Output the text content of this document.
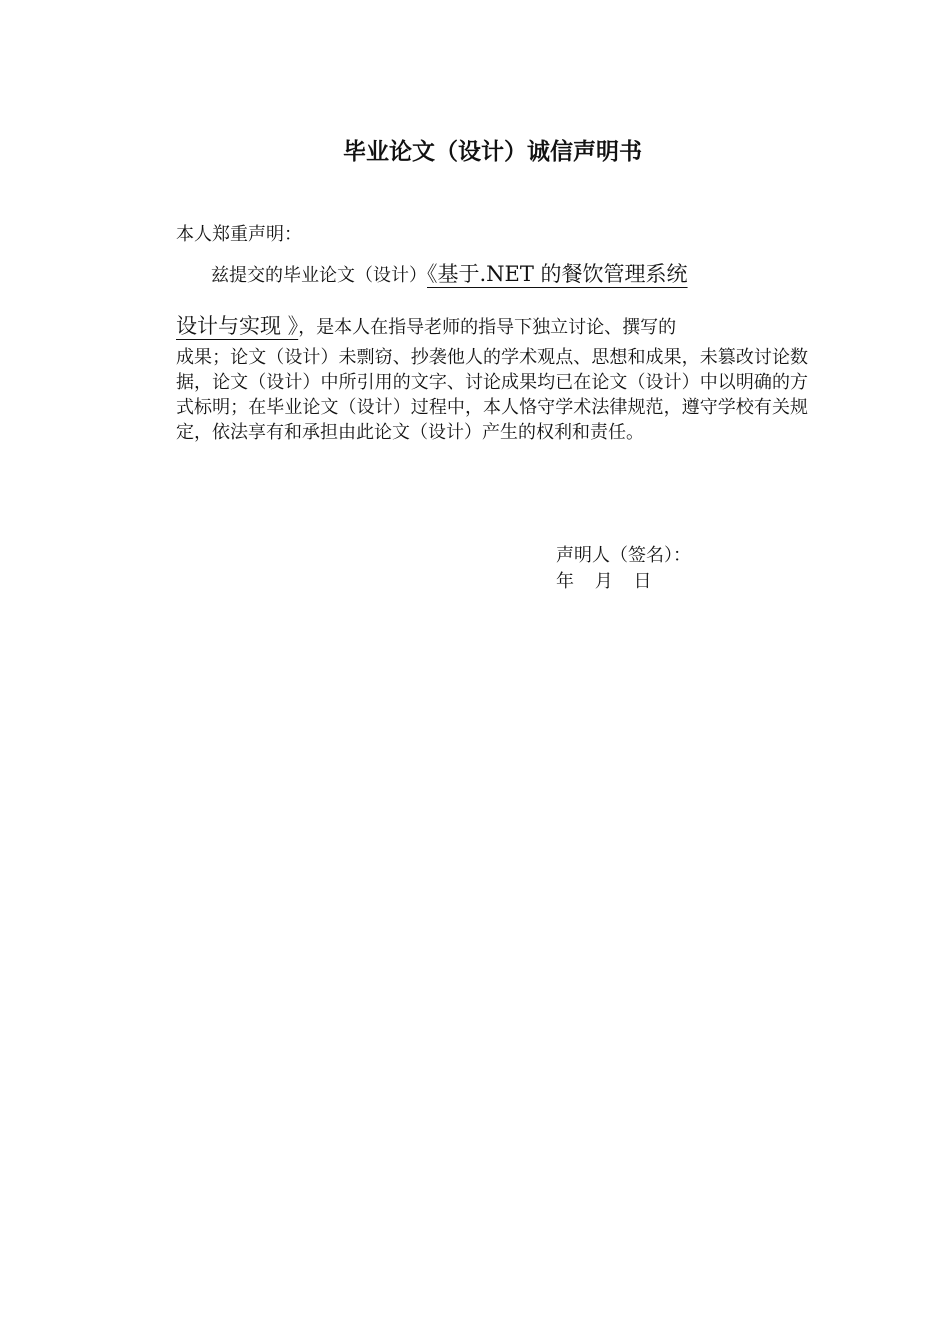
毕业论文（设计）诚信声明书
本人郑重声明：
兹提交的毕业论文（设计）《基于.NET 的餐饮管理系统
设计与实现 》，是本人在指导老师的指导下独立讨论、撰写的
成果；论文（设计）未剽窃、抄袭他人的学术观点、思想和成果，未篡改讨论数据，论文（设计）中所引用的文字、讨论成果均已在论文（设计）中以明确的方式标明；在毕业论文（设计）过程中，本人恪守学术法律规范，遵守学校有关规定，依法享有和承担由此论文（设计）产生的权利和责任。
声明人（签名）：
年 月 日
